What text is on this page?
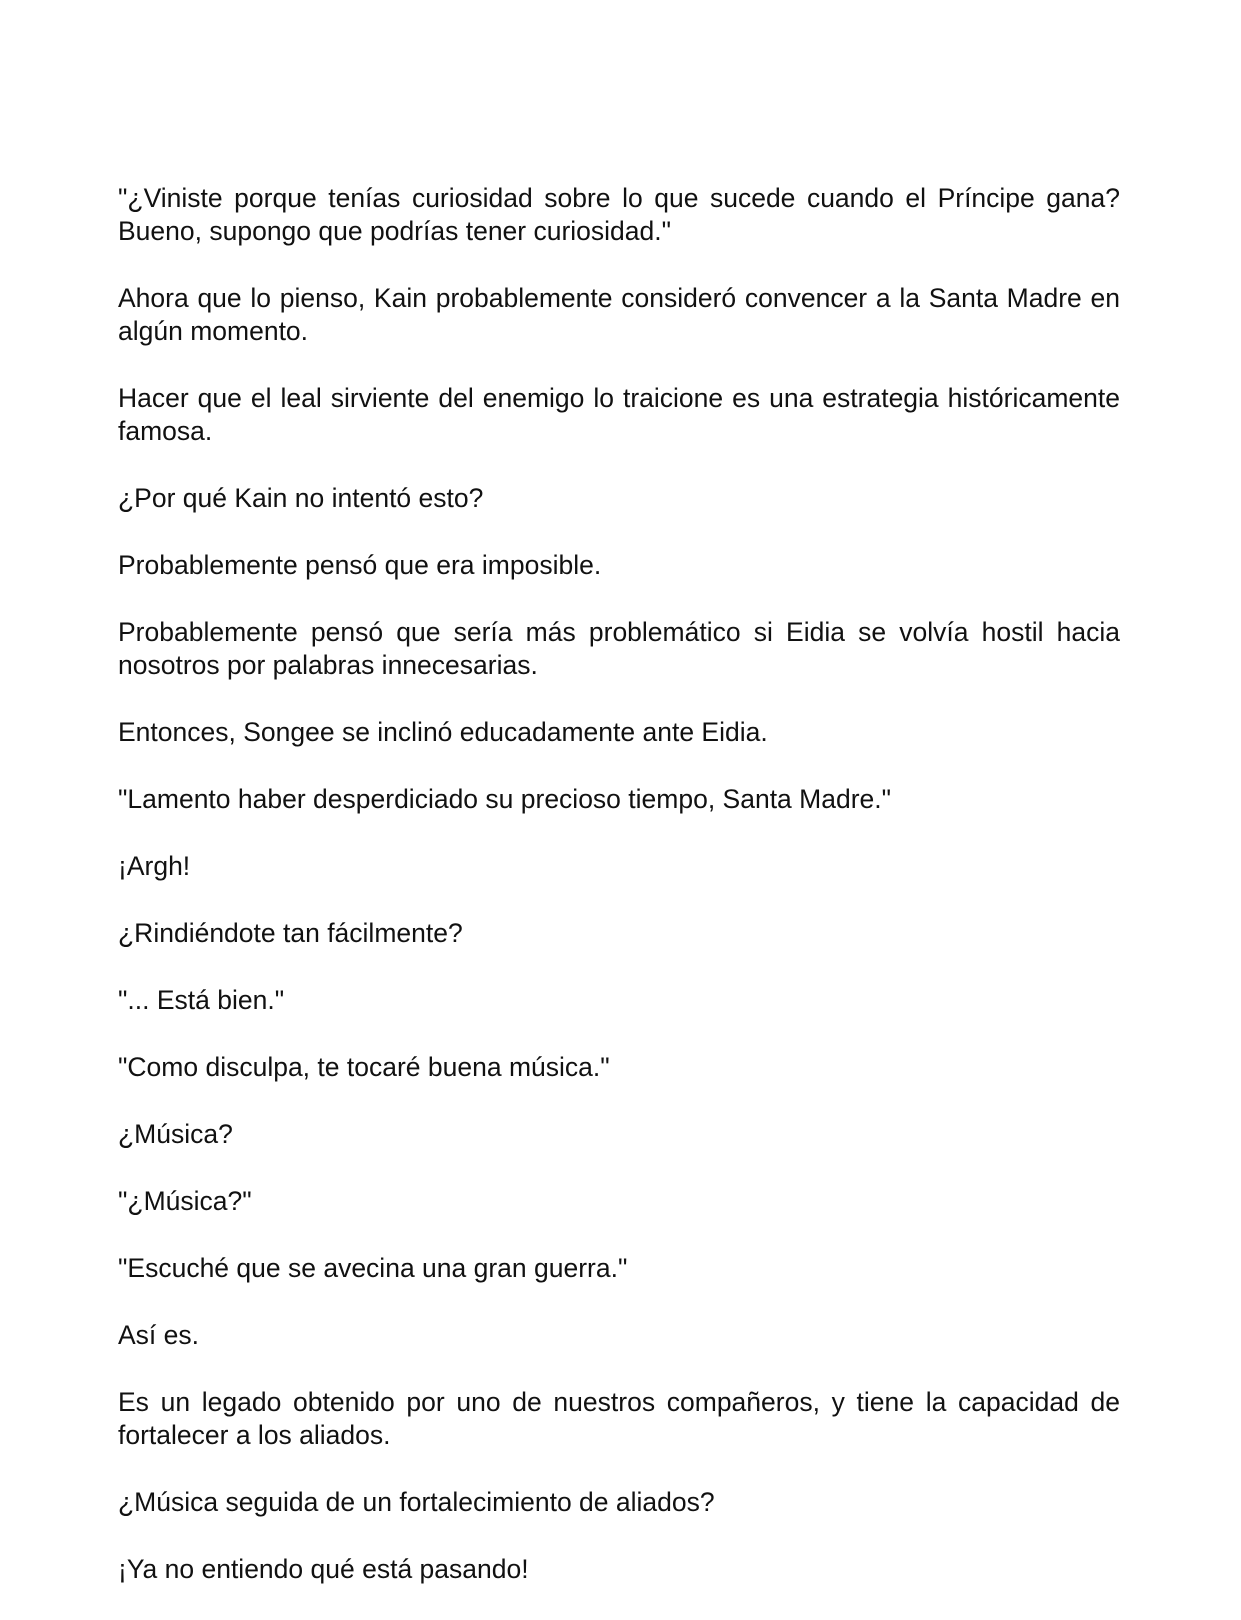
"¿Viniste porque tenías curiosidad sobre lo que sucede cuando el Príncipe gana? Bueno, supongo que podrías tener curiosidad."

Ahora que lo pienso, Kain probablemente consideró convencer a la Santa Madre en algún momento.

Hacer que el leal sirviente del enemigo lo traicione es una estrategia históricamente famosa.

¿Por qué Kain no intentó esto?

Probablemente pensó que era imposible.

Probablemente pensó que sería más problemático si Eidia se volvía hostil hacia nosotros por palabras innecesarias.

Entonces, Songee se inclinó educadamente ante Eidia.

"Lamento haber desperdiciado su precioso tiempo, Santa Madre."

¡Argh!

¿Rindiéndote tan fácilmente?

"... Está bien."

"Como disculpa, te tocaré buena música."

¿Música?

"¿Música?"

"Escuché que se avecina una gran guerra."

Así es.

Es un legado obtenido por uno de nuestros compañeros, y tiene la capacidad de fortalecer a los aliados.

¿Música seguida de un fortalecimiento de aliados?

¡Ya no entiendo qué está pasando!
